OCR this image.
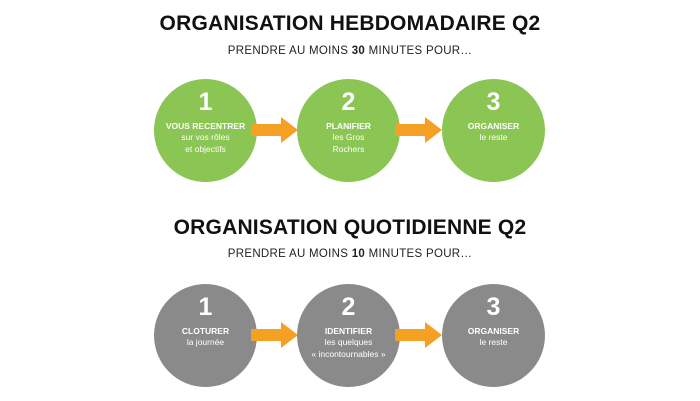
ORGANISATION HEBDOMADAIRE Q2
PRENDRE AU MOINS 30 MINUTES POUR…
1
VOUS RECENTRER
sur vos rôles
et objectifs
2
PLANIFIER
les Gros
Rochers
3
ORGANISER
le reste
ORGANISATION QUOTIDIENNE Q2
PRENDRE AU MOINS 10 MINUTES POUR…
1
CLOTURER
la journée
2
IDENTIFIER
les quelques
« incontournables »
3
ORGANISER
le reste
